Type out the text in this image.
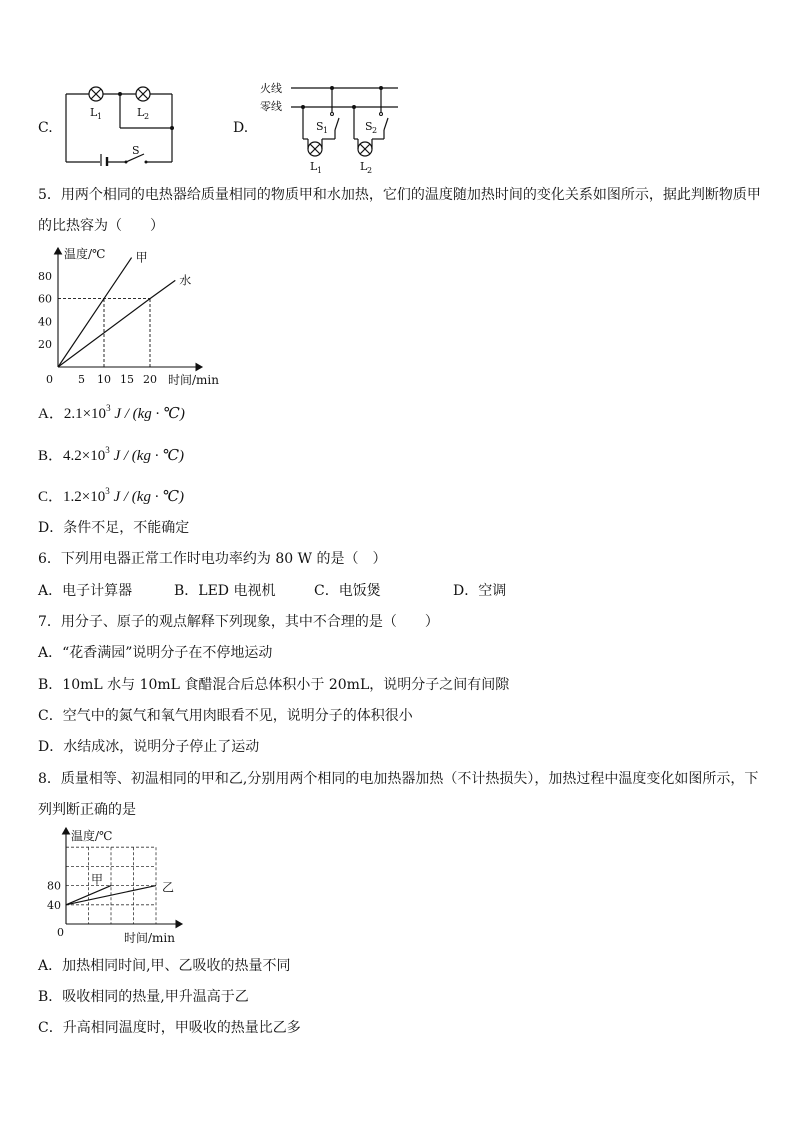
C.
L 1	L 2
S
D.
火线
零线
S 1	S 2
L 1	L 2
5．用两个相同的电热器给质量相同的物质甲和水加热，它们的温度随加热时间的变化关系如图所示，据此判断物质甲
的比热容为（　　）
温度/℃
时间/min
0 5 10 15 20
20
40
60
80
甲
水
A．$2.1\times 10^3$ J / (kg · ℃)
B．$4.2\times 10^3$ J / (kg · ℃)
C．$1.2\times 10^3$ J / (kg · ℃)
D．条件不足，不能确定
6．下列用电器正常工作时电功率约为 80 W 的是（　）
A．电子计算器	B．LED 电视机	C．电饭煲	D．空调
7．用分子、原子的观点解释下列现象，其中不合理的是（　　）
A．“花香满园”说明分子在不停地运动
B．10mL 水与 10mL 食醋混合后总体积小于 20mL，说明分子之间有间隙
C．空气中的氮气和氧气用肉眼看不见，说明分子的体积很小
D．水结成冰，说明分子停止了运动
8．质量相等、初温相同的甲和乙,分别用两个相同的电加热器加热（不计热损失），加热过程中温度变化如图所示，下
列判断正确的是
温度/℃
时间/min
40
80
0
甲
乙
A．加热相同时间,甲、乙吸收的热量不同
B．吸收相同的热量,甲升温高于乙
C．升高相同温度时，甲吸收的热量比乙多
